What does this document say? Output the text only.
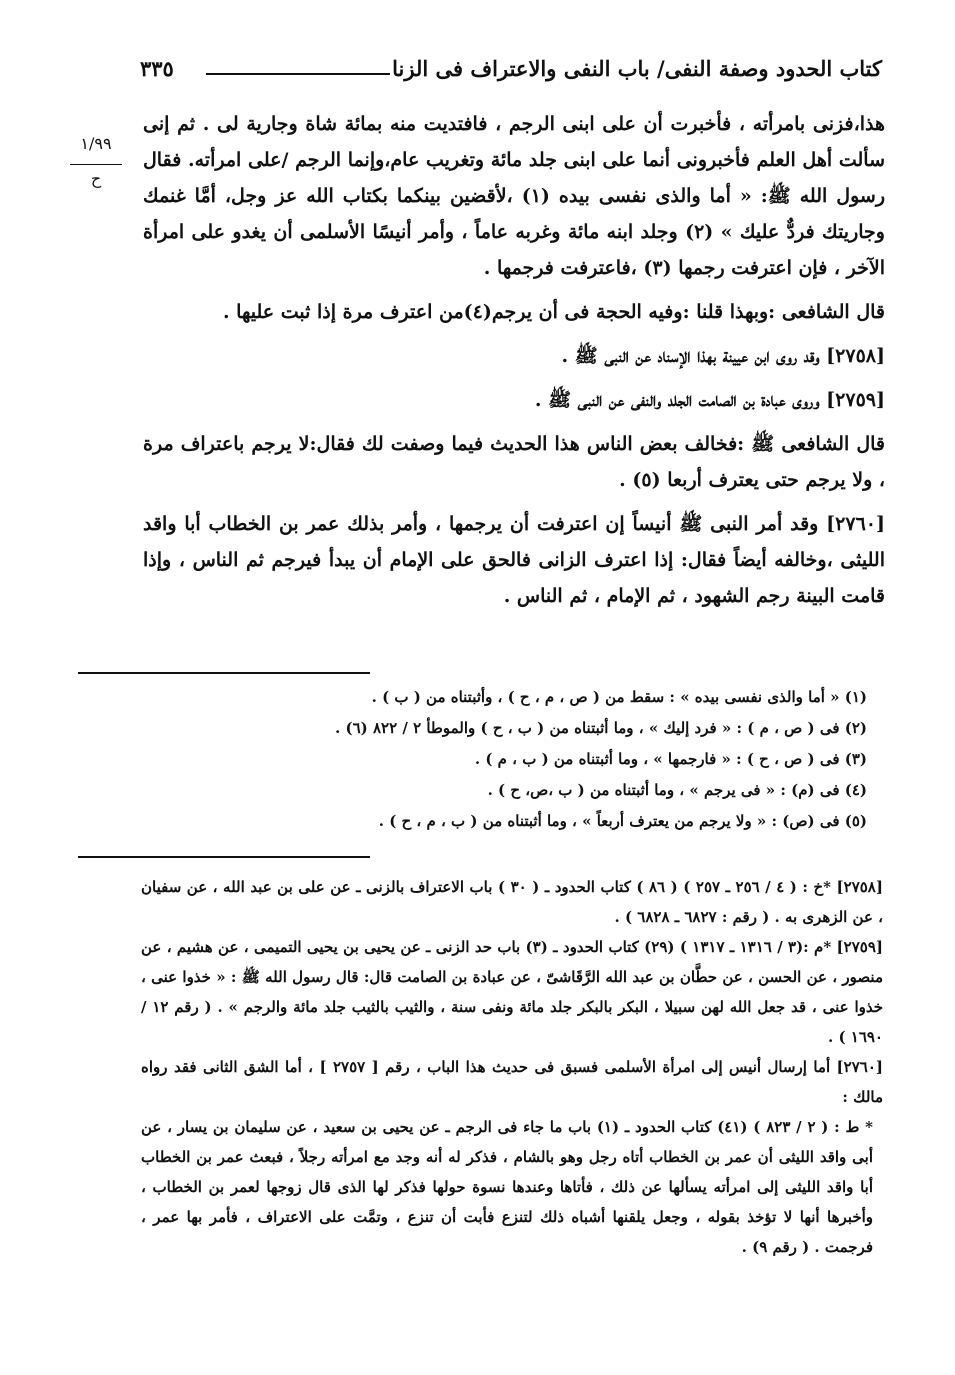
كتاب الحدود وصفة النفى/ باب النفى والاعتراف فى الزنا
٣٣٥
١/٩٩
ح

هذا،فزنى بامرأته ، فأخبرت أن على ابنى الرجم ، فافتديت منه بمائة شاة وجارية لى . ثم إنى سألت أهل العلم فأخبرونى أنما على ابنى جلد مائة وتغريب عام،وإنما الرجم /على امرأته. فقال رسول الله ﷺ: « أما والذى نفسى بيده (١) ،لأقضين بينكما بكتاب الله عز وجل، أمَّا غنمك وجاريتك فردٌّ عليك » (٢) وجلد ابنه مائة وغربه عاماً ، وأمر أنيسًا الأسلمى أن يغدو على امرأة الآخر ، فإن اعترفت رجمها (٣) ،فاعترفت فرجمها .

قال الشافعى :وبهذا قلنا :وفيه الحجة فى أن يرجم(٤)من اعترف مرة إذا ثبت عليها .

[٢٧٥٨] وقد روى ابن عيينة بهذا الإسناد عن النبى ﷺ .

[٢٧٥٩] وروى عبادة بن الصامت الجلد والنفى عن النبى ﷺ .

قال الشافعى ﷺ :فخالف بعض الناس هذا الحديث فيما وصفت لك فقال:لا يرجم باعتراف مرة ، ولا يرجم حتى يعترف أربعا (٥) .

[٢٧٦٠] وقد أمر النبى ﷺ أنيساً إن اعترفت أن يرجمها ، وأمر بذلك عمر بن الخطاب أبا واقد الليثى ،وخالفه أيضاً فقال: إذا اعترف الزانى فالحق على الإمام أن يبدأ فيرجم ثم الناس ، وإذا قامت البينة رجم الشهود ، ثم الإمام ، ثم الناس .

(١) « أما والذى نفسى بيده » : سقط من ( ص ، م ، ح ) ، وأثبتناه من ( ب ) .
(٢) فى ( ص ، م ) : « فرد إليك » ، وما أثبتناه من ( ب ، ح ) والموطأ ٢ / ٨٢٢ (٦) .
(٣) فى ( ص ، ح ) : « فارجمها » ، وما أثبتناه من ( ب ، م ) .
(٤) فى (م) : « فى يرجم » ، وما أثبتناه من ( ب ،ص، ح ) .
(٥) فى (ص) : « ولا يرجم من يعترف أربعاً » ، وما أثبتناه من ( ب ، م ، ح ) .

[٢٧٥٨] *خ : ( ٤ / ٢٥٦ ـ ٢٥٧ ) ( ٨٦ ) كتاب الحدود ـ ( ٣٠ ) باب الاعتراف بالزنى ـ عن على بن عبد الله ، عن سفيان ، عن الزهرى به . ( رقم : ٦٨٢٧ ـ ٦٨٢٨ ) .

[٢٧٥٩] *م :(٣ / ١٣١٦ ـ ١٣١٧ ) (٢٩) كتاب الحدود ـ (٣) باب حد الزنى ـ عن يحيى بن يحيى التميمى ، عن هشيم ، عن منصور ، عن الحسن ، عن حطَّان بن عبد الله الرَّقَاشىّ ، عن عبادة بن الصامت قال: قال رسول الله ﷺ : « خذوا عنى ، خذوا عنى ، قد جعل الله لهن سبيلا ، البكر بالبكر جلد مائة ونفى سنة ، والثيب بالثيب جلد مائة والرجم » . ( رقم ١٢ / ١٦٩٠ ) .

[٢٧٦٠] أما إرسال أنيس إلى امرأة الأسلمى فسبق فى حديث هذا الباب ، رقم [ ٢٧٥٧ ] ، أما الشق الثانى فقد رواه مالك :

* ط : ( ٢ / ٨٢٣ ) (٤١) كتاب الحدود ـ (١) باب ما جاء فى الرجم ـ عن يحيى بن سعيد ، عن سليمان بن يسار ، عن أبى واقد الليثى أن عمر بن الخطاب أتاه رجل وهو بالشام ، فذكر له أنه وجد مع امرأته رجلاً ، فبعث عمر بن الخطاب أبا واقد الليثى إلى امرأته يسألها عن ذلك ، فأتاها وعندها نسوة حولها فذكر لها الذى قال زوجها لعمر بن الخطاب ، وأخبرها أنها لا تؤخذ بقوله ، وجعل يلقنها أشباه ذلك لتنزع فأبت أن تنزع ، وتمَّت على الاعتراف ، فأمر بها عمر ، فرجمت . ( رقم ٩) .
